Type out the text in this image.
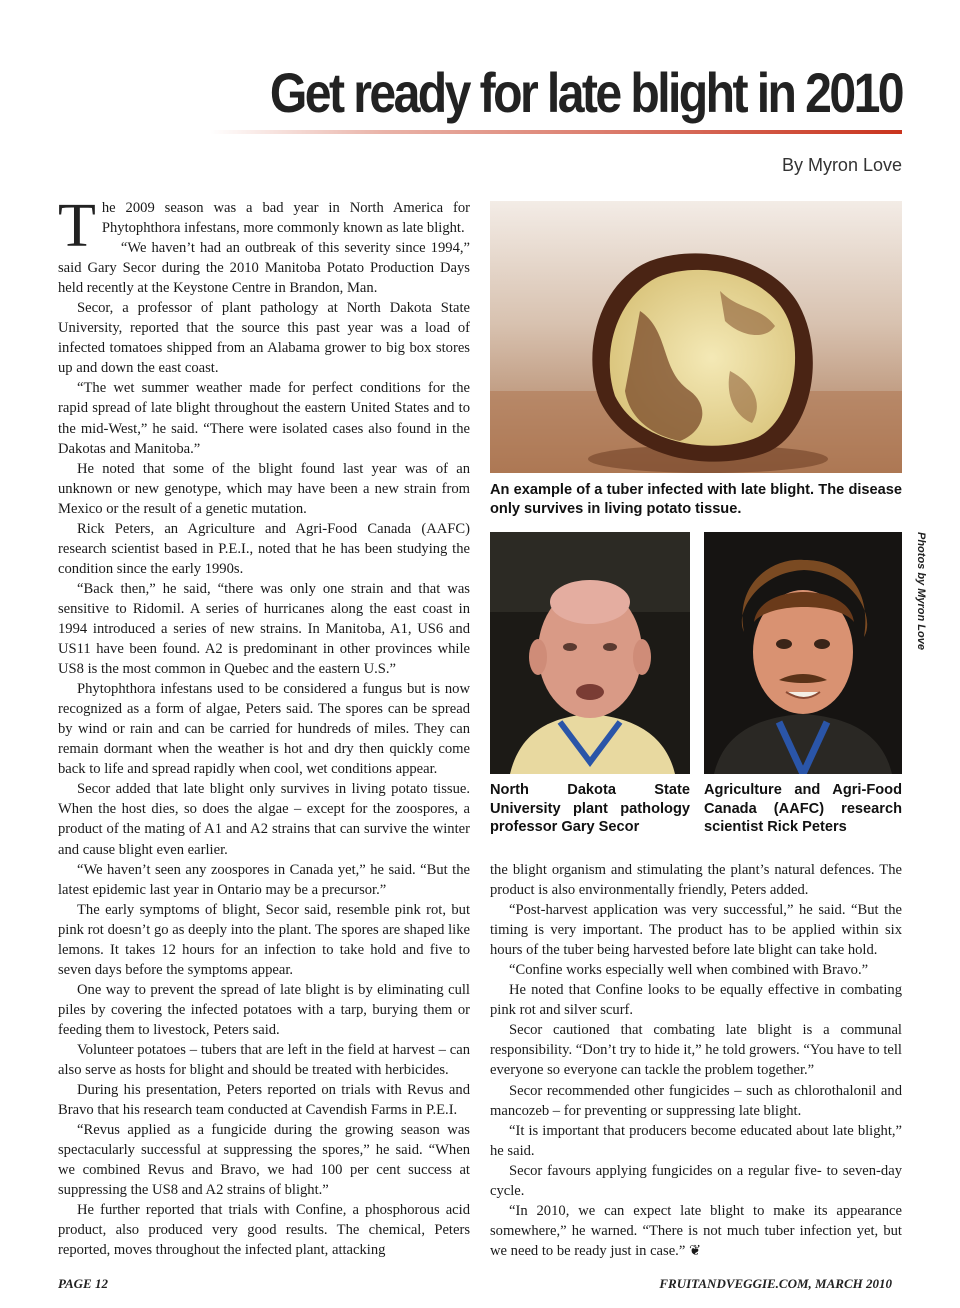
Get ready for late blight in 2010
By Myron Love

The 2009 season was a bad year in North America for Phytophthora infestans, more commonly known as late blight.

“We haven’t had an outbreak of this severity since 1994,” said Gary Secor during the 2010 Manitoba Potato Production Days held recently at the Keystone Centre in Brandon, Man.

Secor, a professor of plant pathology at North Dakota State University, reported that the source this past year was a load of infected tomatoes shipped from an Alabama grower to big box stores up and down the east coast.

“The wet summer weather made for perfect conditions for the rapid spread of late blight throughout the eastern United States and to the mid-West,” he said. “There were isolated cases also found in the Dakotas and Manitoba.”

He noted that some of the blight found last year was of an unknown or new genotype, which may have been a new strain from Mexico or the result of a genetic mutation.

Rick Peters, an Agriculture and Agri-Food Canada (AAFC) research scientist based in P.E.I., noted that he has been studying the condition since the early 1990s.

“Back then,” he said, “there was only one strain and that was sensitive to Ridomil. A series of hurricanes along the east coast in 1994 introduced a series of new strains. In Manitoba, A1, US6 and US11 have been found. A2 is predominant in other provinces while US8 is the most common in Quebec and the eastern U.S.”

Phytophthora infestans used to be considered a fungus but is now recognized as a form of algae, Peters said. The spores can be spread by wind or rain and can be carried for hundreds of miles. They can remain dormant when the weather is hot and dry then quickly come back to life and spread rapidly when cool, wet conditions appear.

Secor added that late blight only survives in living potato tissue. When the host dies, so does the algae – except for the zoospores, a product of the mating of A1 and A2 strains that can survive the winter and cause blight even earlier.

“We haven’t seen any zoospores in Canada yet,” he said. “But the latest epidemic last year in Ontario may be a precursor.”

The early symptoms of blight, Secor said, resemble pink rot, but pink rot doesn’t go as deeply into the plant. The spores are shaped like lemons. It takes 12 hours for an infection to take hold and five to seven days before the symptoms appear.

One way to prevent the spread of late blight is by eliminating cull piles by covering the infected potatoes with a tarp, burying them or feeding them to livestock, Peters said.

Volunteer potatoes – tubers that are left in the field at harvest – can also serve as hosts for blight and should be treated with herbicides.

During his presentation, Peters reported on trials with Revus and Bravo that his research team conducted at Cavendish Farms in P.E.I.

“Revus applied as a fungicide during the growing season was spectacularly successful at suppressing the spores,” he said. “When we combined Revus and Bravo, we had 100 per cent success at suppressing the US8 and A2 strains of blight.”

He further reported that trials with Confine, a phosphorous acid product, also produced very good results. The chemical, Peters reported, moves throughout the infected plant, attacking

An example of a tuber infected with late blight. The disease only survives in living potato tissue.
North Dakota State University plant pathology professor Gary Secor
Agriculture and Agri-Food Canada (AAFC) research scientist Rick Peters
Photos by Myron Love

the blight organism and stimulating the plant’s natural defences. The product is also environmentally friendly, Peters added.

“Post-harvest application was very successful,” he said. “But the timing is very important. The product has to be applied within six hours of the tuber being harvested before late blight can take hold.

“Confine works especially well when combined with Bravo.”

He noted that Confine looks to be equally effective in combating pink rot and silver scurf.

Secor cautioned that combating late blight is a communal responsibility. “Don’t try to hide it,” he told growers. “You have to tell everyone so everyone can tackle the problem together.”

Secor recommended other fungicides – such as chlorothalonil and mancozeb – for preventing or suppressing late blight.

“It is important that producers become educated about late blight,” he said.

Secor favours applying fungicides on a regular five- to seven-day cycle.

“In 2010, we can expect late blight to make its appearance somewhere,” he warned. “There is not much tuber infection yet, but we need to be ready just in case.” ❦

PAGE 12	FRUITANDVEGGIE.COM, MARCH 2010
